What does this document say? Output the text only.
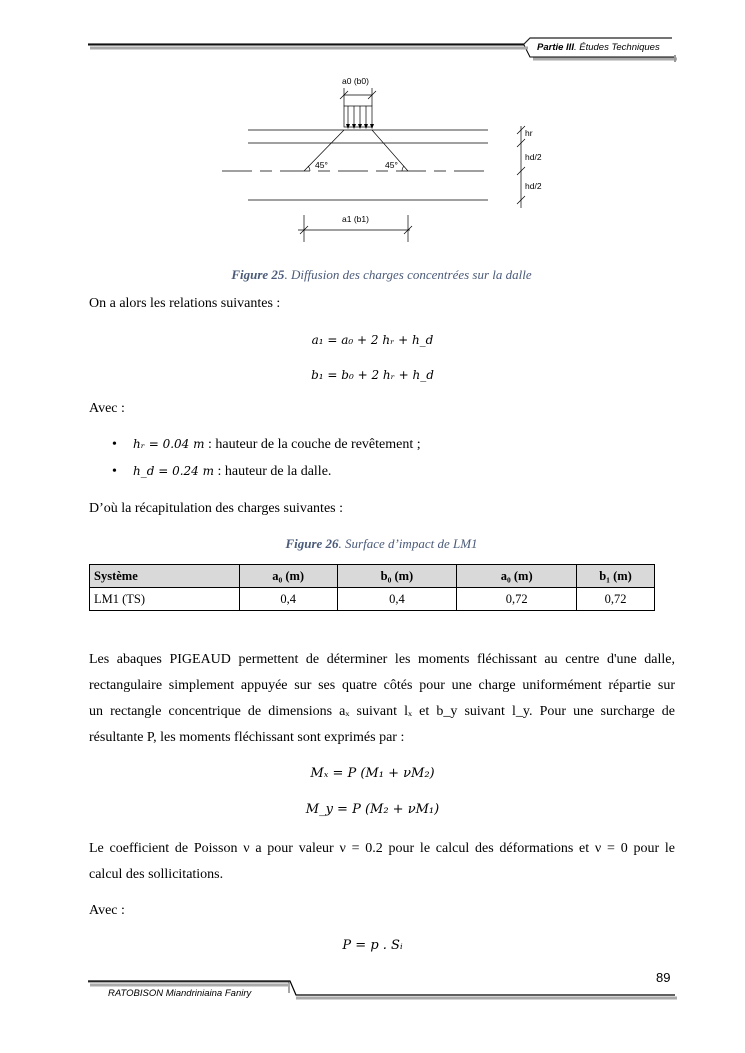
Partie III. Études Techniques
a0 (b0)
45°	45°
a1 (b1)
hr
hd/2
hd/2
Figure 25. Diffusion des charges concentrées sur la dalle
On a alors les relations suivantes :
a₁ = a₀ + 2 hᵣ + h_d
b₁ = b₀ + 2 hᵣ + h_d
Avec :
• hᵣ = 0.04 m : hauteur de la couche de revêtement ;
• h_d = 0.24 m : hauteur de la dalle.
D’où la récapitulation des charges suivantes :
Figure 26. Surface d’impact de LM1
Système	a₀ (m)	b₀ (m)	a₀ (m)	b₁ (m)
LM1 (TS)	0,4	0,4	0,72	0,72
Les abaques PIGEAUD permettent de déterminer les moments fléchissant au centre d'une dalle,
rectangulaire simplement appuyée sur ses quatre côtés pour une charge uniformément répartie sur
un rectangle concentrique de dimensions aₓ suivant lₓ et b_y suivant l_y. Pour une surcharge de
résultante P, les moments fléchissant sont exprimés par :
Mₓ = P (M₁ + νM₂)
M_y = P (M₂ + νM₁)
Le coefficient de Poisson ν a pour valeur ν = 0.2 pour le calcul des déformations et ν = 0 pour le
calcul des sollicitations.
Avec :
P = p . Sᵢ
89
RATOBISON Miandriniaina Faniry
